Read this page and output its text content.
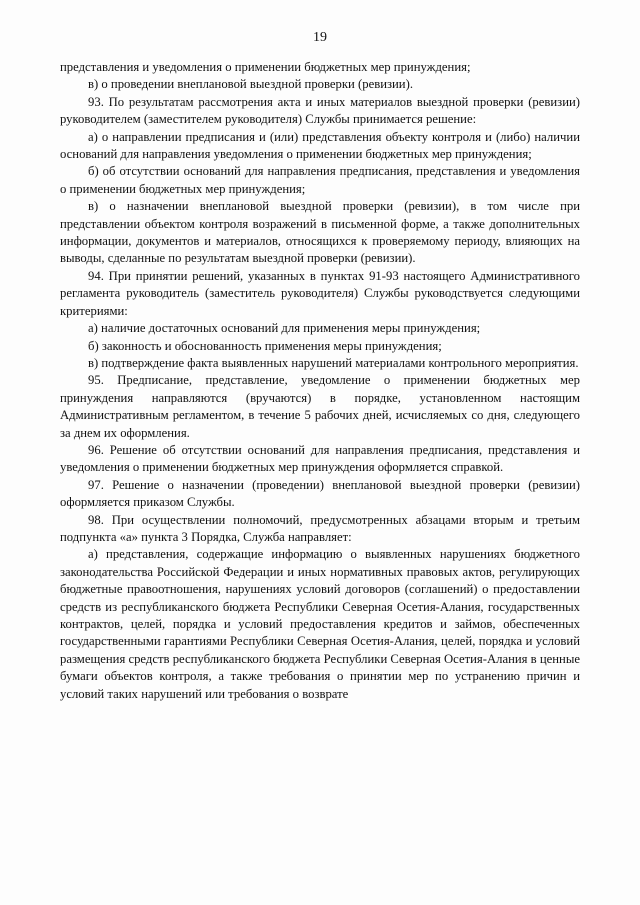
19

представления и уведомления о применении бюджетных мер принуждения;

в) о проведении внеплановой выездной проверки (ревизии).

93. По результатам рассмотрения акта и иных материалов выездной проверки (ревизии) руководителем (заместителем руководителя) Службы принимается решение:

а) о направлении предписания и (или) представления объекту контроля и (либо) наличии оснований для направления уведомления о применении бюджетных мер принуждения;

б) об отсутствии оснований для направления предписания, представления и уведомления о применении бюджетных мер принуждения;

в) о назначении внеплановой выездной проверки (ревизии), в том числе при представлении объектом контроля возражений в письменной форме, а также дополнительных информации, документов и материалов, относящихся к проверяемому периоду, влияющих на выводы, сделанные по результатам выездной проверки (ревизии).

94. При принятии решений, указанных в пунктах 91-93 настоящего Административного регламента руководитель (заместитель руководителя) Службы руководствуется следующими критериями:

а) наличие достаточных оснований для применения меры принуждения;

б) законность и обоснованность применения меры принуждения;

в) подтверждение факта выявленных нарушений материалами контрольного мероприятия.

95. Предписание, представление, уведомление о применении бюджетных мер принуждения направляются (вручаются) в порядке, установленном настоящим Административным регламентом, в течение 5 рабочих дней, исчисляемых со дня, следующего за днем их оформления.

96. Решение об отсутствии оснований для направления предписания, представления и уведомления о применении бюджетных мер принуждения оформляется справкой.

97. Решение о назначении (проведении) внеплановой выездной проверки (ревизии) оформляется приказом Службы.

98. При осуществлении полномочий, предусмотренных абзацами вторым и третьим подпункта «а» пункта 3 Порядка, Служба направляет:

а) представления, содержащие информацию о выявленных нарушениях бюджетного законодательства Российской Федерации и иных нормативных правовых актов, регулирующих бюджетные правоотношения, нарушениях условий договоров (соглашений) о предоставлении средств из республиканского бюджета Республики Северная Осетия-Алания, государственных контрактов, целей, порядка и условий предоставления кредитов и займов, обеспеченных государственными гарантиями Республики Северная Осетия-Алания, целей, порядка и условий размещения средств республиканского бюджета Республики Северная Осетия-Алания в ценные бумаги объектов контроля, а также требования о принятии мер по устранению причин и условий таких нарушений или требования о возврате
